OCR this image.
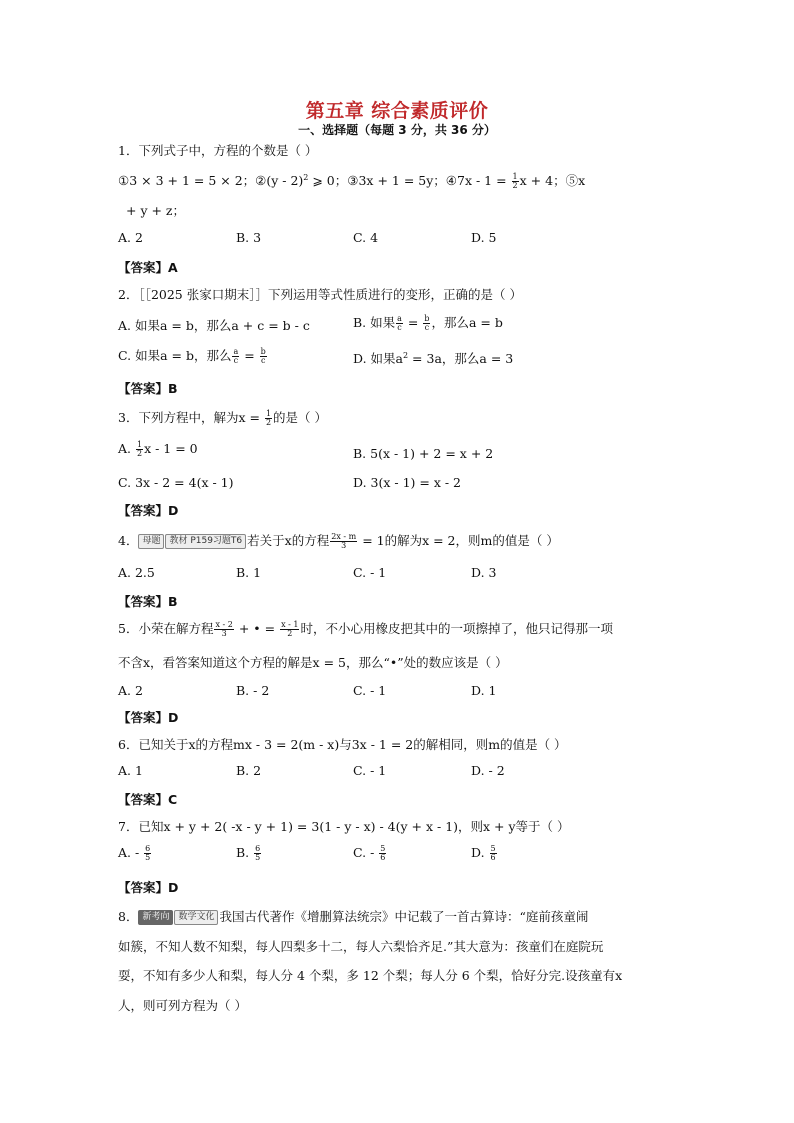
第五章 综合素质评价
一、选择题（每题 3 分，共 36 分）
1．下列式子中，方程的个数是（ ）
①3 × 3 + 1 = 5 × 2；②(y - 2)$^2$ ⩾ 0；③3x + 1 = 5y；④7x - $1 = \frac{1}{2}$ x + 4；⑤x
+ y + z；
A. 2	B. 3	C. 4	D. 5
【答案】A
2．［［2025 张家口期末］］下列运用等式性质进行的变形，正确的是（ ）
A. 如果a = b，那么a + c = b - c	B. 如果 $\frac{a}{c} = \frac{b}{c}$ ，那么a = b
C. 如果a = b，那么 $\frac{a}{c} = \frac{b}{c}$	D. 如果$a^2 = 3a$，那么a = 3
【答案】B
3．下列方程中，解为$x = \frac{1}{2}$ 的是（ ）
A. $\frac{1}{2}$ x - 1 = 0	B. 5(x - 1) + 2 = x + 2
C. 3x - 2 = 4(x - 1)	D. 3(x - 1) = x - 2
【答案】D
4． 母题 教材 P159习题T6 若关于x的方程 $\frac{2x - m}{3} = 1$的解为x = 2，则m的值是（ ）
A. 2.5	B. 1	C. - 1	D. 3
【答案】B
5．小荣在解方程 $\frac{x - 2}{3}$ + • = $\frac{x - 1}{2}$ 时，不小心用橡皮把其中的一项擦掉了，他只记得那一项
不含x，看答案知道这个方程的解是x = 5，那么“•”处的数应该是（ ）
A. 2	B. - 2	C. - 1	D. 1
【答案】D
6．已知关于x的方程mx - 3 = 2(m - x)与3x - 1 = 2的解相同，则m的值是（ ）
A. 1	B. 2	C. - 1	D. - 2
【答案】C
7．已知x + y + 2( -x - y + 1) = 3(1 - y - x) - 4(y + x - 1)，则x + y等于（ ）
A. - $\frac{6}{5}$	B. $\frac{6}{5}$	C. - $\frac{5}{6}$	D. $\frac{5}{6}$
【答案】D
8． 新考向 数学文化 我国古代著作《增删算法统宗》中记载了一首古算诗：“庭前孩童闹
如簇，不知人数不知梨，每人四梨多十二，每人六梨恰齐足.”其大意为：孩童们在庭院玩
耍，不知有多少人和梨，每人分 4 个梨，多 12 个梨；每人分 6 个梨，恰好分完.设孩童有x
人，则可列方程为（ ）
